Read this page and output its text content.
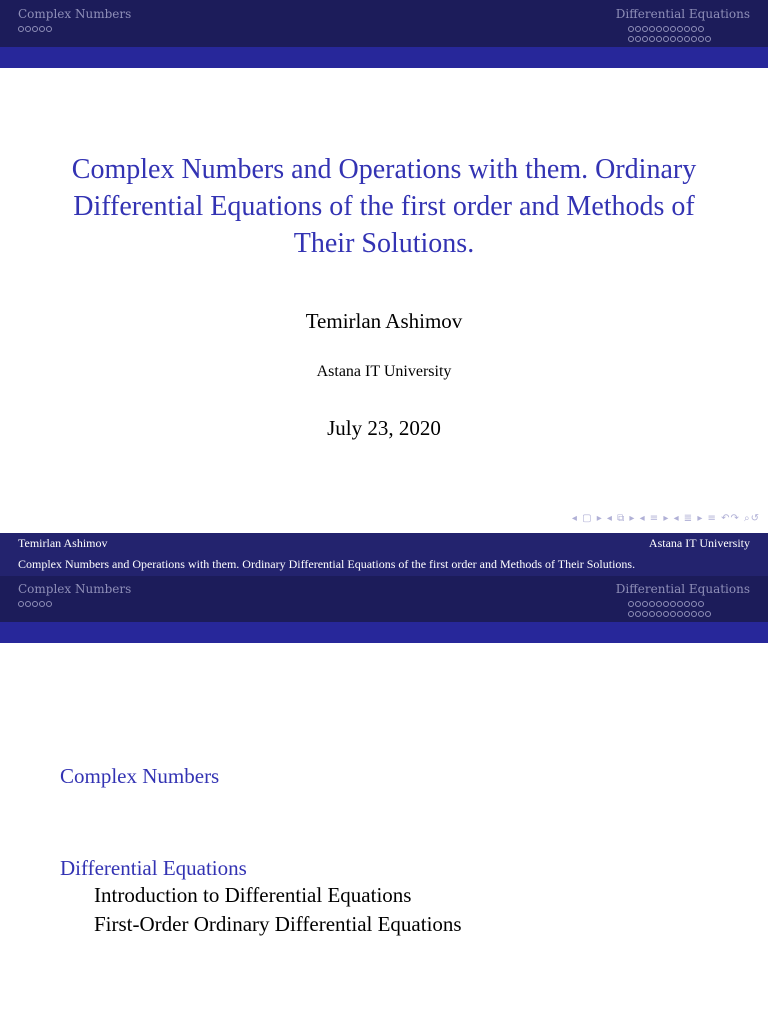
Complex Numbers	Differential Equations
Complex Numbers and Operations with them. Ordinary Differential Equations of the first order and Methods of Their Solutions.
Temirlan Ashimov
Astana IT University
July 23, 2020
◂ ▢ ▸ ◂ ⧉ ▸ ◂ ≡ ▸ ◂ ≣ ▸ ≡ ↶↷ ⌕↺
Temirlan Ashimov	Astana IT University
Complex Numbers and Operations with them. Ordinary Differential Equations of the first order and Methods of Their Solutions.
Complex Numbers	Differential Equations
Complex Numbers
Differential Equations
Introduction to Differential Equations
First-Order Ordinary Differential Equations
